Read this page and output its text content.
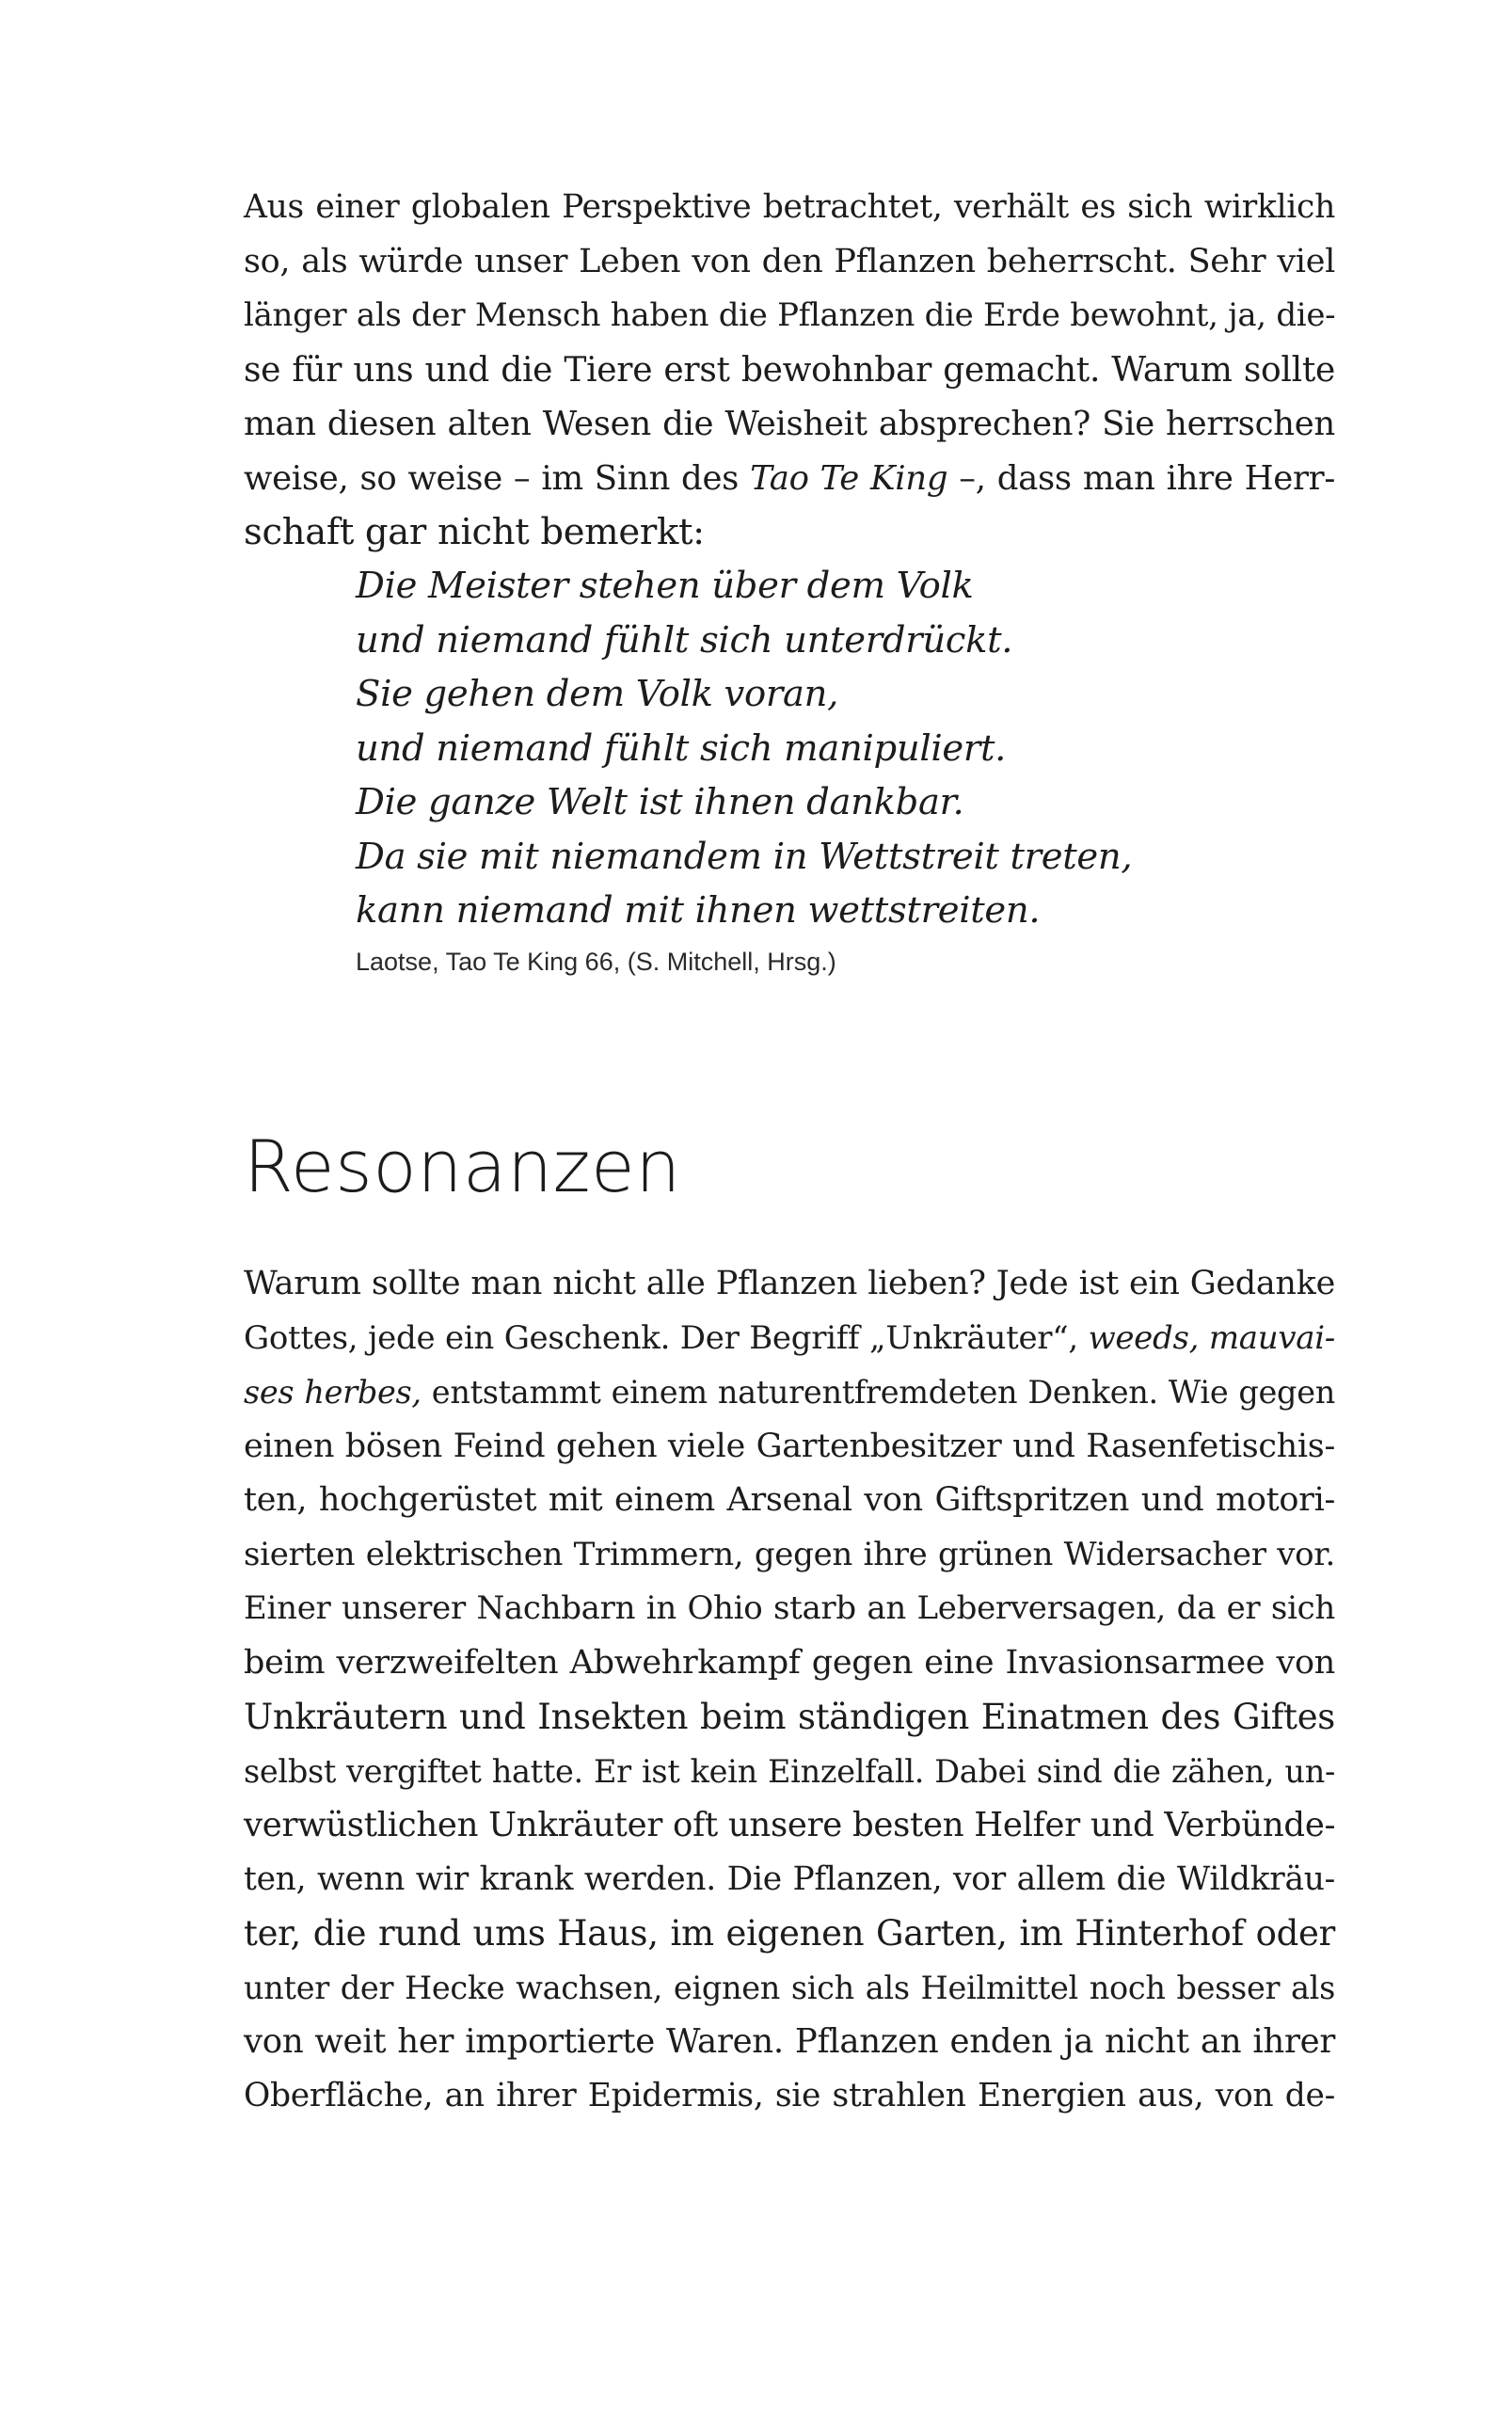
Aus einer globalen Perspektive betrachtet, verhält es sich wirklich
so, als würde unser Leben von den Pflanzen beherrscht. Sehr viel
länger als der Mensch haben die Pflanzen die Erde bewohnt, ja, die-
se für uns und die Tiere erst bewohnbar gemacht. Warum sollte
man diesen alten Wesen die Weisheit absprechen? Sie herrschen
weise, so weise – im Sinn des Tao Te King –, dass man ihre Herr-
schaft gar nicht bemerkt:
Die Meister stehen über dem Volk
und niemand fühlt sich unterdrückt.
Sie gehen dem Volk voran,
und niemand fühlt sich manipuliert.
Die ganze Welt ist ihnen dankbar.
Da sie mit niemandem in Wettstreit treten,
kann niemand mit ihnen wettstreiten.
Laotse, Tao Te King 66, (S. Mitchell, Hrsg.)
Resonanzen
Warum sollte man nicht alle Pflanzen lieben? Jede ist ein Gedanke
Gottes, jede ein Geschenk. Der Begriff „Unkräuter“, weeds, mauvai-
ses herbes, entstammt einem naturentfremdeten Denken. Wie gegen
einen bösen Feind gehen viele Gartenbesitzer und Rasenfetischis-
ten, hochgerüstet mit einem Arsenal von Giftspritzen und motori-
sierten elektrischen Trimmern, gegen ihre grünen Widersacher vor.
Einer unserer Nachbarn in Ohio starb an Leberversagen, da er sich
beim verzweifelten Abwehrkampf gegen eine Invasionsarmee von
Unkräutern und Insekten beim ständigen Einatmen des Giftes
selbst vergiftet hatte. Er ist kein Einzelfall. Dabei sind die zähen, un-
verwüstlichen Unkräuter oft unsere besten Helfer und Verbünde-
ten, wenn wir krank werden. Die Pflanzen, vor allem die Wildkräu-
ter, die rund ums Haus, im eigenen Garten, im Hinterhof oder
unter der Hecke wachsen, eignen sich als Heilmittel noch besser als
von weit her importierte Waren. Pflanzen enden ja nicht an ihrer
Oberfläche, an ihrer Epidermis, sie strahlen Energien aus, von de-
